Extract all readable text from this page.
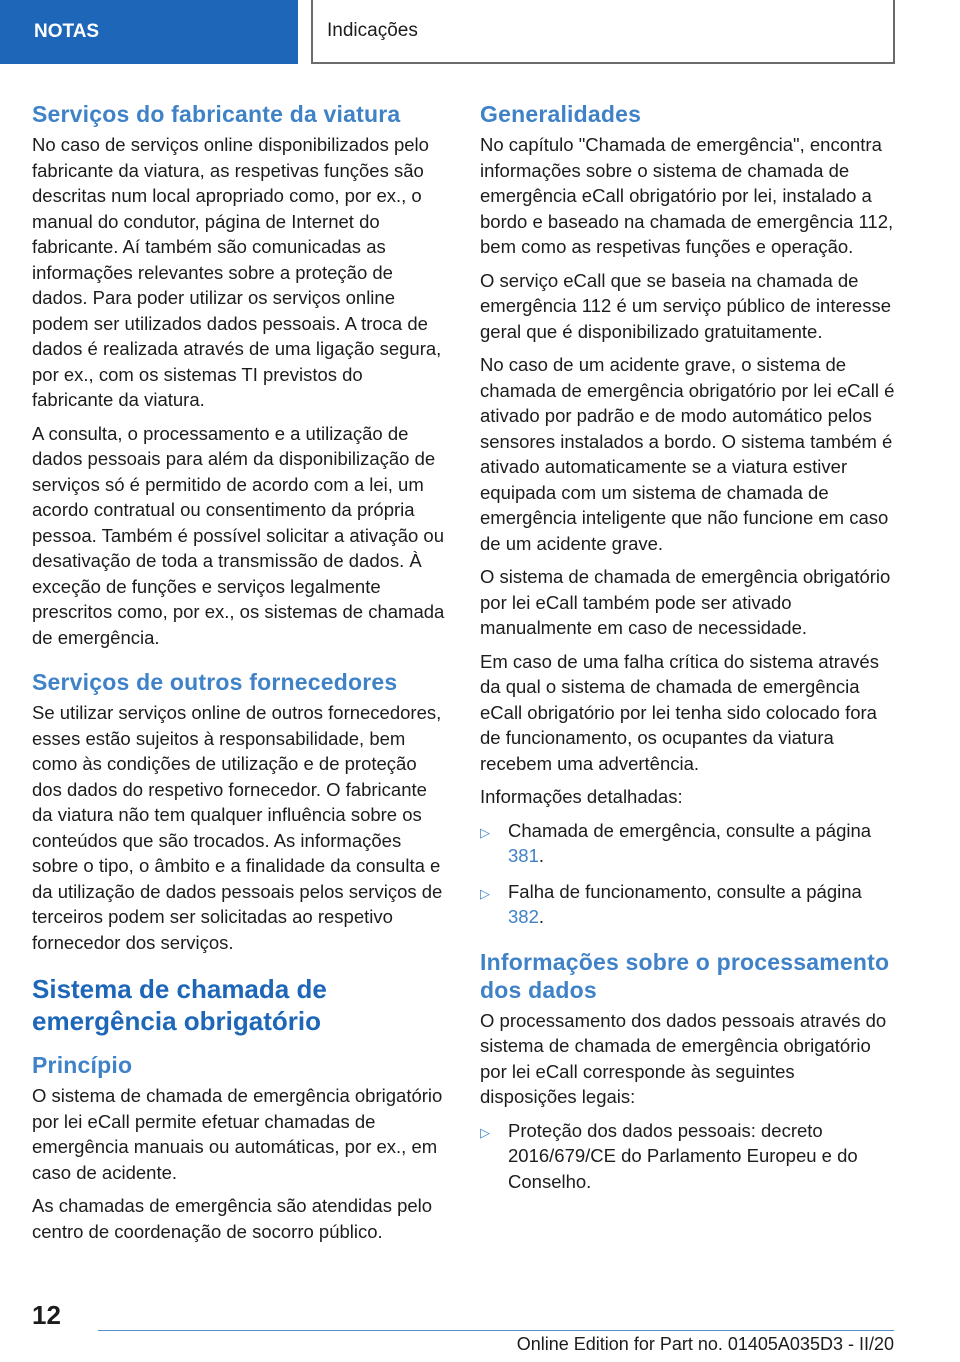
NOTAS	Indicações
Serviços do fabricante da viatura

No caso de serviços online disponibilizados pelo fabricante da viatura, as respetivas funções são descritas num local apropriado como, por ex., o manual do condutor, página de Internet do fabricante. Aí também são comunicadas as informações relevantes sobre a proteção de dados. Para poder utilizar os serviços online podem ser utilizados dados pessoais. A troca de dados é realizada através de uma ligação segura, por ex., com os sistemas TI previstos do fabricante da viatura.

A consulta, o processamento e a utilização de dados pessoais para além da disponibilização de serviços só é permitido de acordo com a lei, um acordo contratual ou consentimento da própria pessoa. Também é possível solicitar a ativação ou desativação de toda a transmissão de dados. À exceção de funções e serviços legalmente prescritos como, por ex., os sistemas de chamada de emergência.

Serviços de outros fornecedores

Se utilizar serviços online de outros fornecedores, esses estão sujeitos à responsabilidade, bem como às condições de utilização e de proteção dos dados do respetivo fornecedor. O fabricante da viatura não tem qualquer influência sobre os conteúdos que são trocados. As informações sobre o tipo, o âmbito e a finalidade da consulta e da utilização de dados pessoais pelos serviços de terceiros podem ser solicitadas ao respetivo fornecedor dos serviços.

Sistema de chamada de emergência obrigatório
Princípio

O sistema de chamada de emergência obrigatório por lei eCall permite efetuar chamadas de emergência manuais ou automáticas, por ex., em caso de acidente.

As chamadas de emergência são atendidas pelo centro de coordenação de socorro público.

Generalidades

No capítulo "Chamada de emergência", encontra informações sobre o sistema de chamada de emergência eCall obrigatório por lei, instalado a bordo e baseado na chamada de emergência 112, bem como as respetivas funções e operação.

O serviço eCall que se baseia na chamada de emergência 112 é um serviço público de interesse geral que é disponibilizado gratuitamente.

No caso de um acidente grave, o sistema de chamada de emergência obrigatório por lei eCall é ativado por padrão e de modo automático pelos sensores instalados a bordo. O sistema também é ativado automaticamente se a viatura estiver equipada com um sistema de chamada de emergência inteligente que não funcione em caso de um acidente grave.

O sistema de chamada de emergência obrigatório por lei eCall também pode ser ativado manualmente em caso de necessidade.

Em caso de uma falha crítica do sistema através da qual o sistema de chamada de emergência eCall obrigatório por lei tenha sido colocado fora de funcionamento, os ocupantes da viatura recebem uma advertência.

Informações detalhadas:

▷ Chamada de emergência, consulte a página 381.
▷ Falha de funcionamento, consulte a página 382.
Informações sobre o processamento dos dados

O processamento dos dados pessoais através do sistema de chamada de emergência obrigatório por lei eCall corresponde às seguintes disposições legais:

▷ Proteção dos dados pessoais: decreto 2016/679/CE do Parlamento Europeu e do Conselho.
12
Online Edition for Part no. 01405A035D3 - II/20
